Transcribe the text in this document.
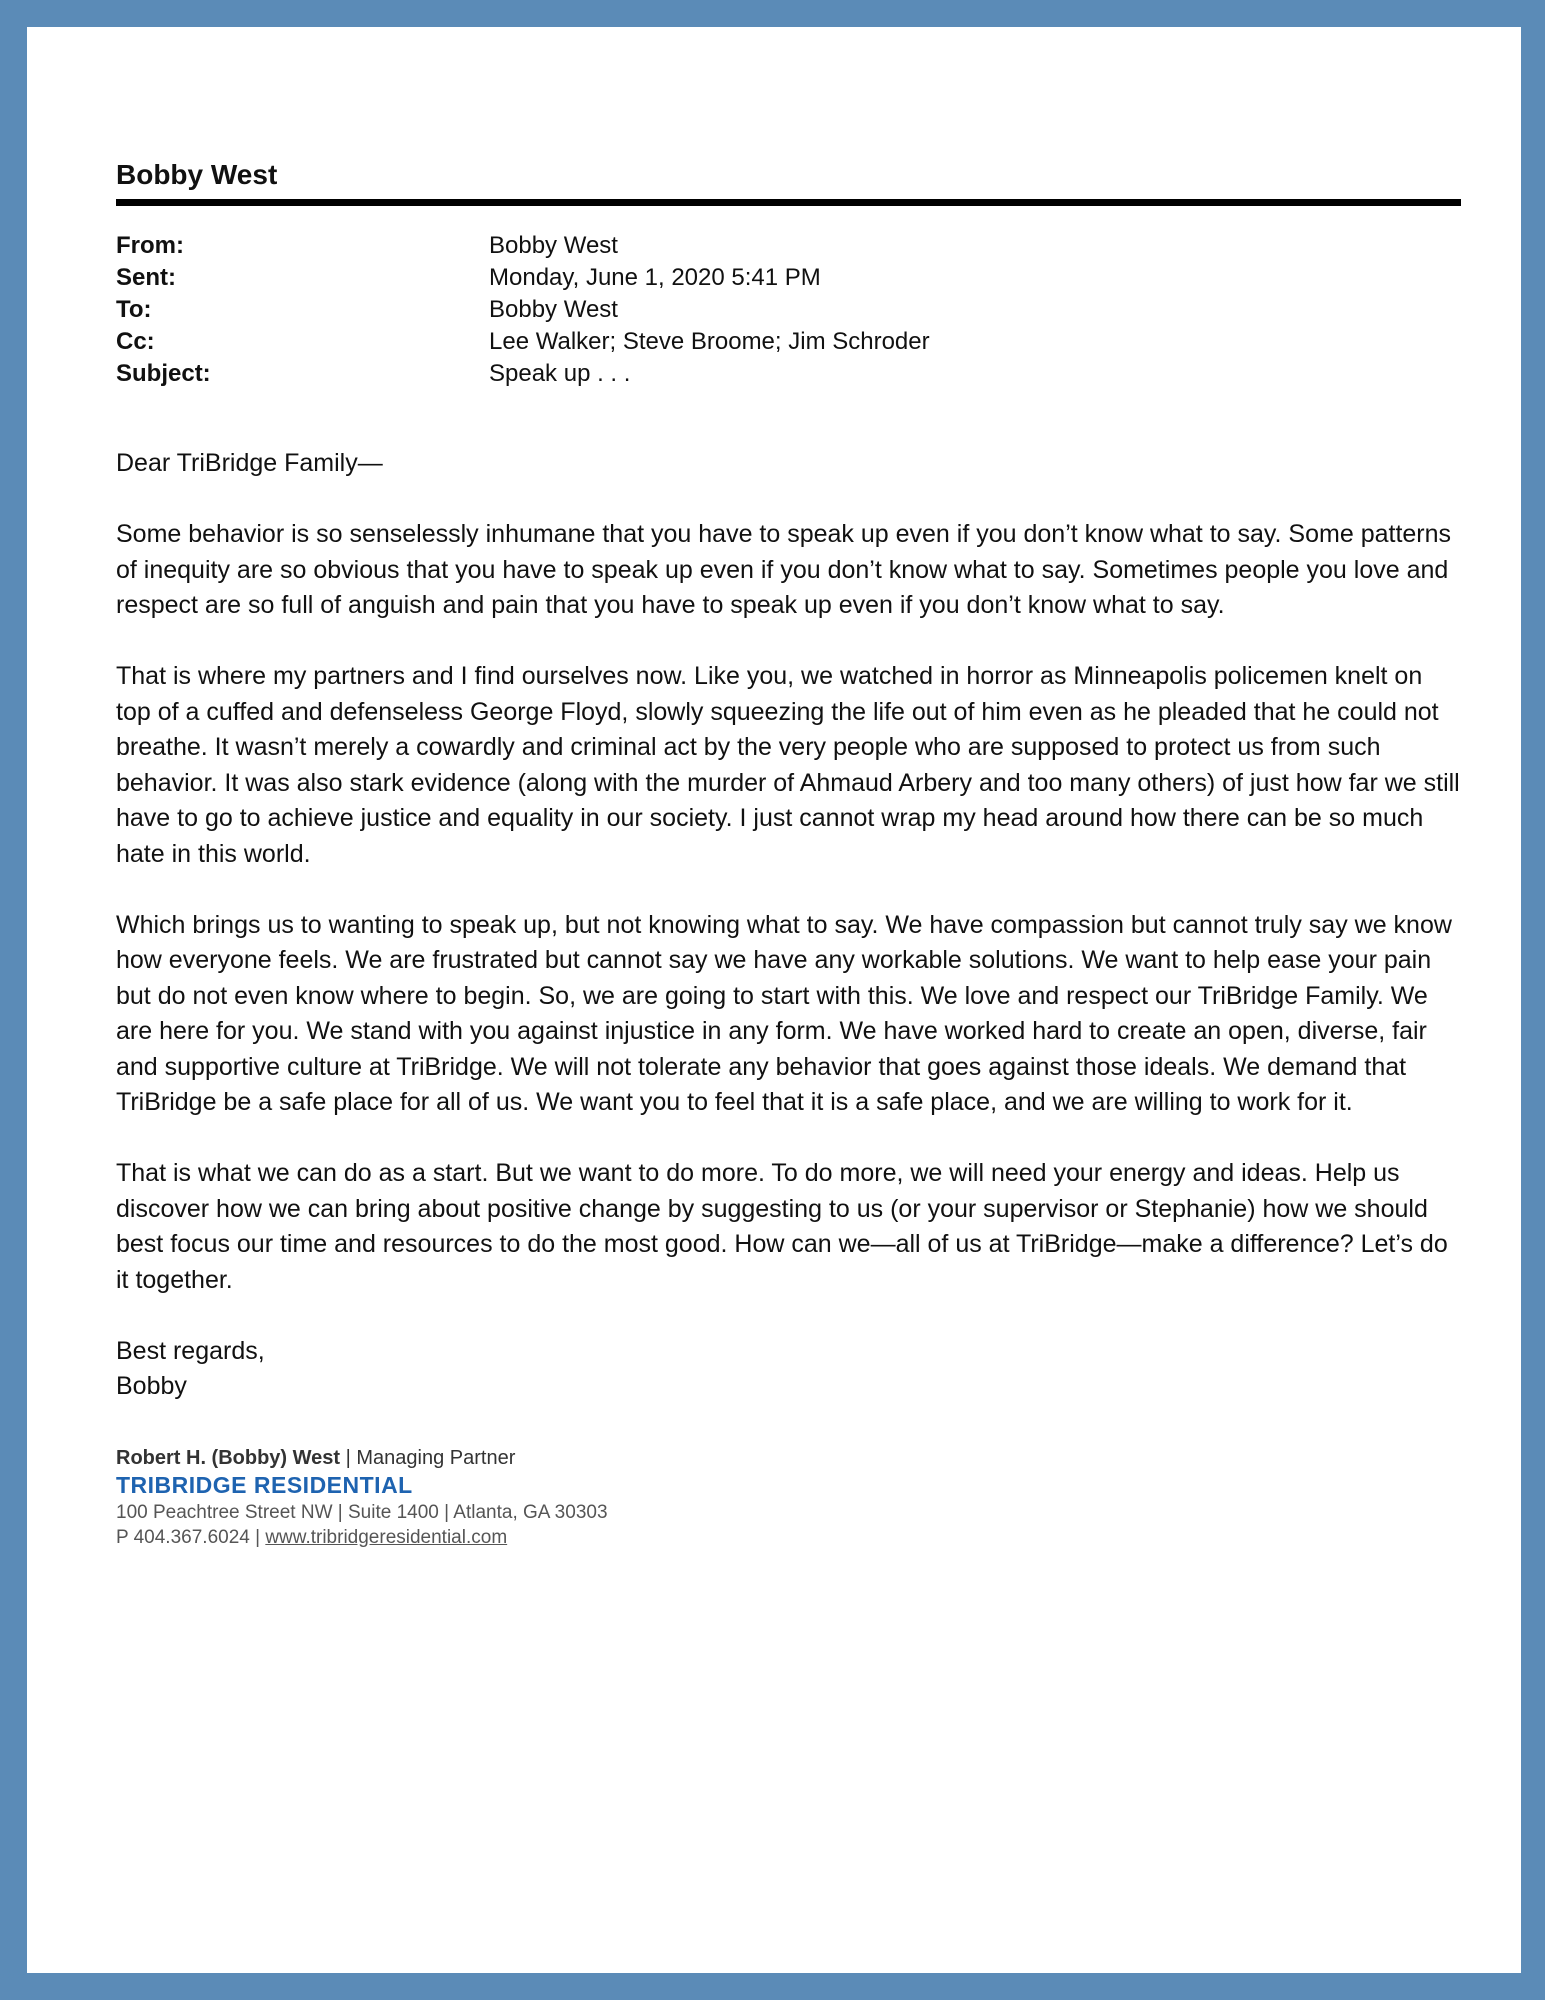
Bobby West
From:	Bobby West
Sent:	Monday, June 1, 2020 5:41 PM
To:	Bobby West
Cc:	Lee Walker; Steve Broome; Jim Schroder
Subject:	Speak up . . .

Dear TriBridge Family—

Some behavior is so senselessly inhumane that you have to speak up even if you don’t know what to say. Some patterns of inequity are so obvious that you have to speak up even if you don’t know what to say. Sometimes people you love and respect are so full of anguish and pain that you have to speak up even if you don’t know what to say.

That is where my partners and I find ourselves now. Like you, we watched in horror as Minneapolis policemen knelt on top of a cuffed and defenseless George Floyd, slowly squeezing the life out of him even as he pleaded that he could not breathe. It wasn’t merely a cowardly and criminal act by the very people who are supposed to protect us from such behavior. It was also stark evidence (along with the murder of Ahmaud Arbery and too many others) of just how far we still have to go to achieve justice and equality in our society. I just cannot wrap my head around how there can be so much hate in this world.

Which brings us to wanting to speak up, but not knowing what to say. We have compassion but cannot truly say we know how everyone feels. We are frustrated but cannot say we have any workable solutions. We want to help ease your pain but do not even know where to begin. So, we are going to start with this. We love and respect our TriBridge Family. We are here for you. We stand with you against injustice in any form. We have worked hard to create an open, diverse, fair and supportive culture at TriBridge. We will not tolerate any behavior that goes against those ideals. We demand that TriBridge be a safe place for all of us. We want you to feel that it is a safe place, and we are willing to work for it.

That is what we can do as a start. But we want to do more. To do more, we will need your energy and ideas. Help us discover how we can bring about positive change by suggesting to us (or your supervisor or Stephanie) how we should best focus our time and resources to do the most good. How can we—all of us at TriBridge—make a difference? Let’s do it together.

Best regards,
Bobby
Robert H. (Bobby) West | Managing Partner
TRIBRIDGE RESIDENTIAL
100 Peachtree Street NW | Suite 1400 | Atlanta, GA 30303
P 404.367.6024 | www.tribridgeresidential.com
